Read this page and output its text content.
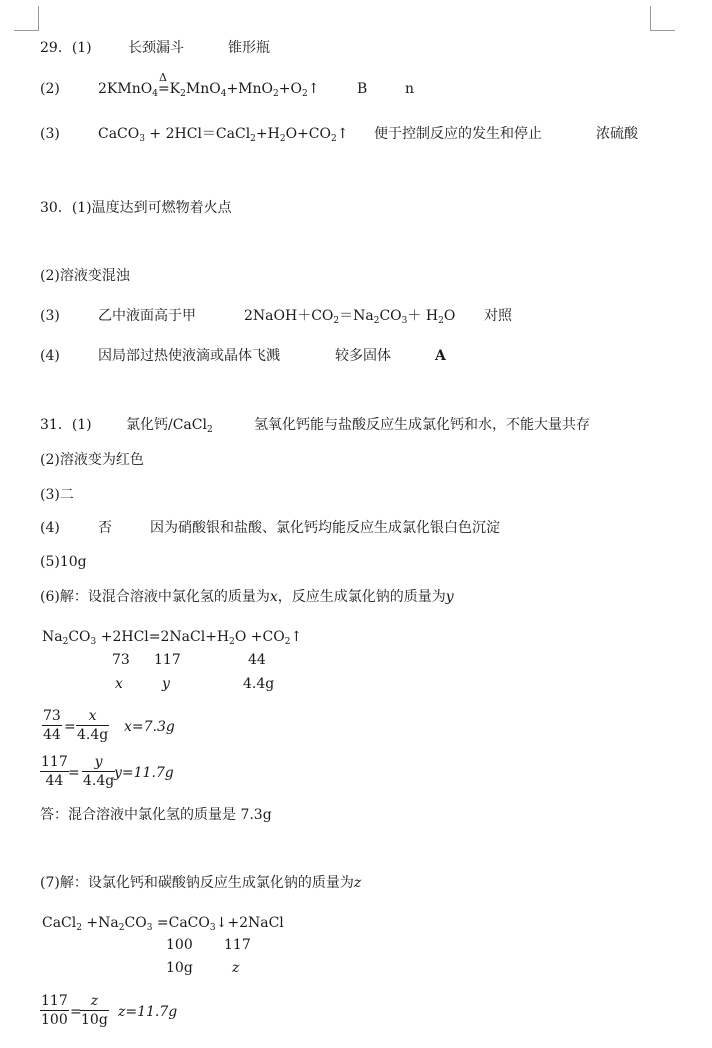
29．(1)	长颈漏斗	锥形瓶
(2)	2KMnO$_4$=
Δ
$K_2MnO_4+MnO_2+O_2↑$	B	n
(3)	CaCO$_3$ + $2HCl=CaCl_2+H_2O+CO_2↑$ 便于控制反应的发生和停止	浓硫酸
30．(1)温度达到可燃物着火点
(2)溶液变混浊
(3)	乙中液面高于甲	$2NaOH+CO_2=Na_2CO_3+ H_2O$ 对照
(4)	因局部过热使液滴或晶体飞溅	较多固体	A
31．(1) 氯化钙/CaCl$_2$	氢氧化钙能与盐酸反应生成氯化钙和水，不能大量共存
(2)溶液变为红色
(3)二
(4)	否	因为硝酸银和盐酸、氯化钙均能反应生成氯化银白色沉淀
(5)10g
(6)解：设混合溶液中氯化氢的质量为x，反应生成氯化钠的质量为y
$Na_2CO_3$ $+2HCl=2NaCl+H_2O$ $+CO_2↑$
73 117	44
x	y	4.4g
73
44 =
x
4.4g x=7.3g
117
44 =
y
4.4g y=11.7g
答：混合溶液中氯化氢的质量是 7.3g
(7)解：设氯化钙和碳酸钠反应生成氯化钠的质量为z
CaCl$_2$ $+Na_2CO_3$ =CaCO$_3$↓+2NaCl
100 117
10g	z
117
100 =
z
10g z=11.7g
